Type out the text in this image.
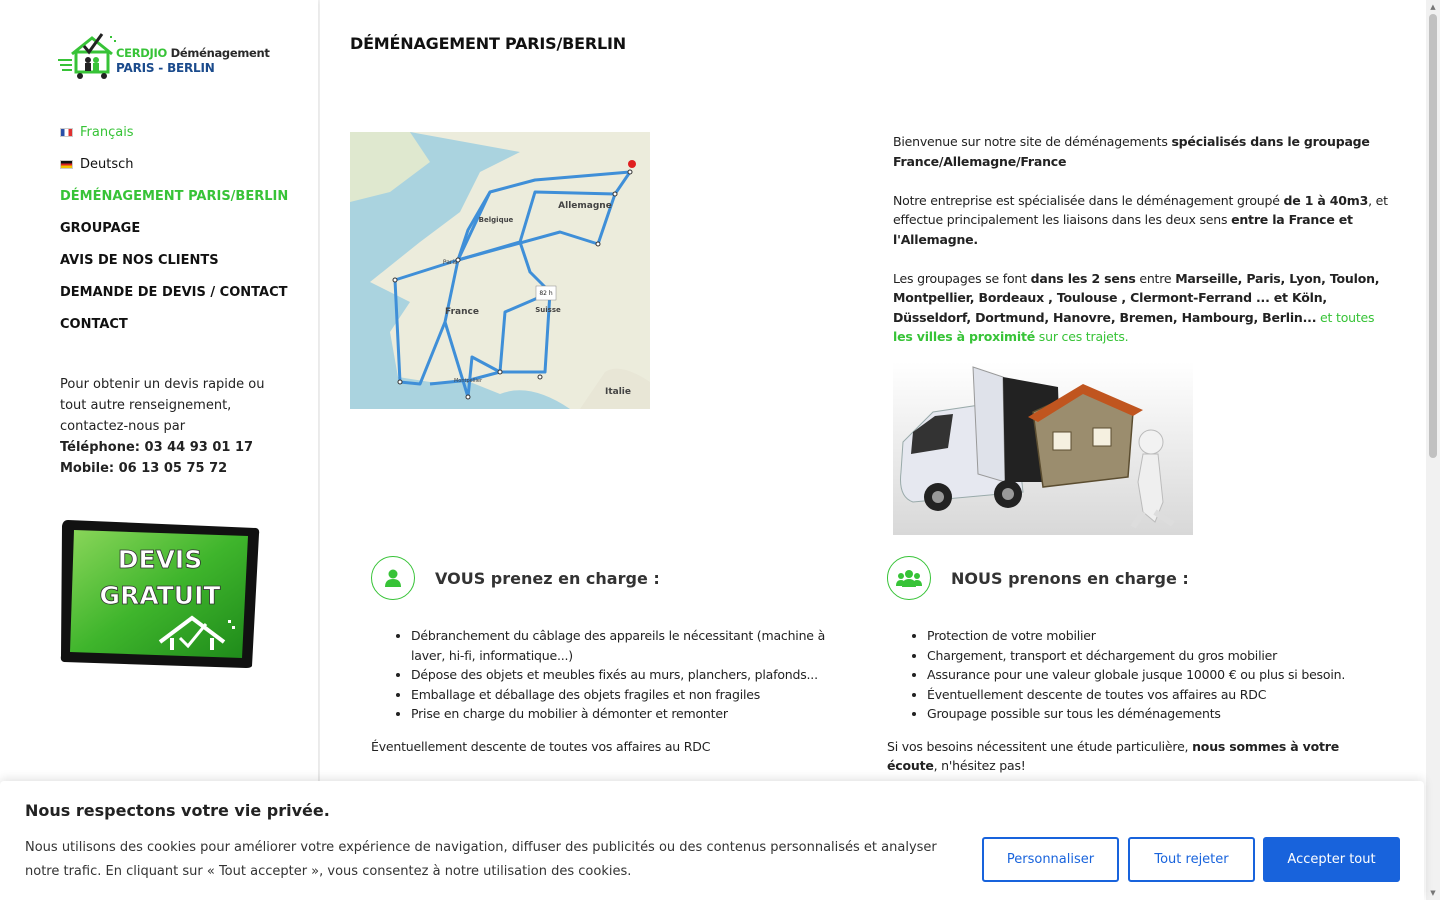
CERDJIO Déménagement
PARIS - BERLIN
Français
Deutsch
DÉMÉNAGEMENT PARIS/BERLIN
GROUPAGE
AVIS DE NOS CLIENTS
DEMANDE DE DEVIS / CONTACT
CONTACT
Pour obtenir un devis rapide ou tout autre renseignement, contactez-nous par
Téléphone: 03 44 93 01 17
Mobile: 06 13 05 75 72
DEVIS
GRATUIT
DÉMÉNAGEMENT PARIS/BERLIN
82 h
Allemagne
France
Belgique
Paris
Suisse
Italie
Montpellier

Bienvenue sur notre site de déménagements spécialisés dans le groupage France/Allemagne/France

Notre entreprise est spécialisée dans le déménagement groupé de 1 à 40m3, et effectue principalement les liaisons dans les deux sens entre la France et l'Allemagne.

Les groupages se font dans les 2 sens entre Marseille, Paris, Lyon, Toulon, Montpellier, Bordeaux , Toulouse , Clermont-Ferrand ... et Köln, Düsseldorf, Dortmund, Hanovre, Bremen, Hambourg, Berlin... et toutes les villes à proximité sur ces trajets.

VOUS prenez en charge :
• Débranchement du câblage des appareils le nécessitant (machine à laver, hi-fi, informatique...)
• Dépose des objets et meubles fixés au murs, planchers, plafonds...
• Emballage et déballage des objets fragiles et non fragiles
• Prise en charge du mobilier à démonter et remonter

Éventuellement descente de toutes vos affaires au RDC

NOUS prenons en charge :
• Protection de votre mobilier
• Chargement, transport et déchargement du gros mobilier
• Assurance pour une valeur globale jusque 10000 € ou plus si besoin.
• Éventuellement descente de toutes vos affaires au RDC
• Groupage possible sur tous les déménagements

Si vos besoins nécessitent une étude particulière, nous sommes à votre écoute, n'hésitez pas!

▲
▼
Nous respectons votre vie privée.
Nous utilisons des cookies pour améliorer votre expérience de navigation, diffuser des publicités ou des contenus personnalisés et analyser notre trafic. En cliquant sur « Tout accepter », vous consentez à notre utilisation des cookies.
Personnaliser	Tout rejeter	Accepter tout
